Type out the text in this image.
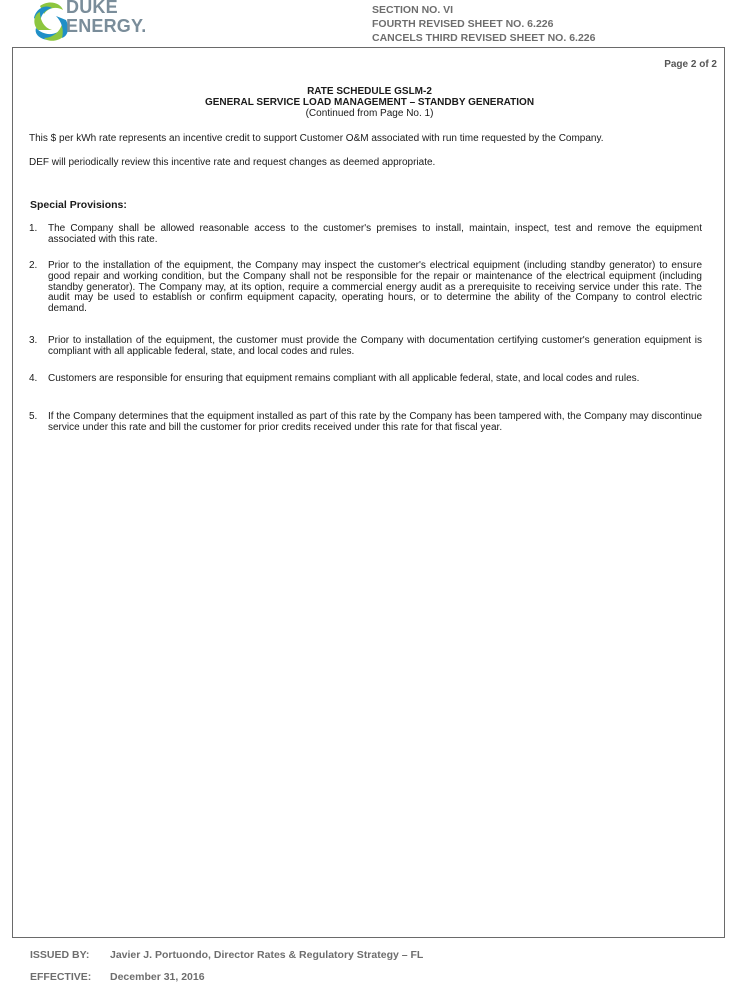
DUKE
ENERGY.
SECTION NO. VI
FOURTH REVISED SHEET NO. 6.226
CANCELS THIRD REVISED SHEET NO. 6.226
Page 2 of 2
RATE SCHEDULE GSLM-2
GENERAL SERVICE LOAD MANAGEMENT – STANDBY GENERATION
(Continued from Page No. 1)
This $ per kWh rate represents an incentive credit to support Customer O&M associated with run time requested by the Company.
DEF will periodically review this incentive rate and request changes as deemed appropriate.
Special Provisions:
1. The Company shall be allowed reasonable access to the customer's premises to install, maintain, inspect, test and remove the equipment associated with this rate.
2. Prior to the installation of the equipment, the Company may inspect the customer's electrical equipment (including standby generator) to ensure good repair and working condition, but the Company shall not be responsible for the repair or maintenance of the electrical equipment (including standby generator). The Company may, at its option, require a commercial energy audit as a prerequisite to receiving service under this rate. The audit may be used to establish or confirm equipment capacity, operating hours, or to determine the ability of the Company to control electric demand.
3. Prior to installation of the equipment, the customer must provide the Company with documentation certifying customer's generation equipment is compliant with all applicable federal, state, and local codes and rules.
4. Customers are responsible for ensuring that equipment remains compliant with all applicable federal, state, and local codes and rules.
5. If the Company determines that the equipment installed as part of this rate by the Company has been tampered with, the Company may discontinue service under this rate and bill the customer for prior credits received under this rate for that fiscal year.
ISSUED BY: Javier J. Portuondo, Director Rates & Regulatory Strategy – FL
EFFECTIVE: December 31, 2016
